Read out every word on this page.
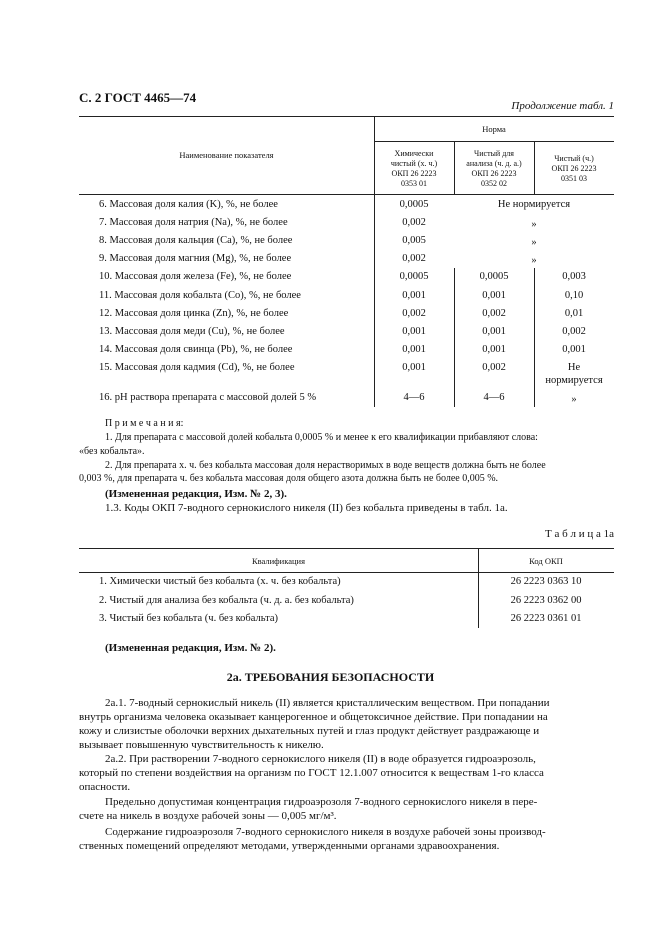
С. 2 ГОСТ 4465—74
Продолжение табл. 1
Наименование показателя
Норма
Химически
чистый (х. ч.)
ОКП 26 2223
0353 01
Чистый для
анализа (ч. д. а.)
ОКП 26 2223
0352 02
Чистый (ч.)
ОКП 26 2223
0351 03
6. Массовая доля калия (K), %, не более	0,0005	Не нормируется
7. Массовая доля натрия (Na), %, не более	0,002	»
8. Массовая доля кальция (Ca), %, не более	0,005	»
9. Массовая доля магния (Mg), %, не более	0,002	»
10. Массовая доля железа (Fe), %, не более	0,0005	0,0005	0,003
11. Массовая доля кобальта (Co), %, не более	0,001	0,001	0,10
12. Массовая доля цинка (Zn), %, не более	0,002	0,002	0,01
13. Массовая доля меди (Cu), %, не более	0,001	0,001	0,002
14. Массовая доля свинца (Pb), %, не более	0,001	0,001	0,001
15. Массовая доля кадмия (Cd), %, не более	0,001	0,002	Не
нормируется
16. pH раствора препарата с массовой долей 5 %	4—6	4—6	»
П р и м е ч а н и я:
1. Для препарата с массовой долей кобальта 0,0005 % и менее к его квалификации прибавляют слова:
«без кобальта».
2. Для препарата х. ч. без кобальта массовая доля нерастворимых в воде веществ должна быть не более
0,003 %, для препарата ч. без кобальта массовая доля общего азота должна быть не более 0,005 %.
(Измененная редакция, Изм. № 2, 3).
1.3. Коды ОКП 7-водного сернокислого никеля (II) без кобальта приведены в табл. 1а.
Т а б л и ц а 1а
Квалификация	Код ОКП
1. Химически чистый без кобальта (х. ч. без кобальта)	26 2223 0363 10
2. Чистый для анализа без кобальта (ч. д. а. без кобальта)	26 2223 0362 00
3. Чистый без кобальта (ч. без кобальта)	26 2223 0361 01
(Измененная редакция, Изм. № 2).
2а. ТРЕБОВАНИЯ БЕЗОПАСНОСТИ
2а.1. 7-водный сернокислый никель (II) является кристаллическим веществом. При попадании
внутрь организма человека оказывает канцерогенное и общетоксичное действие. При попадании на
кожу и слизистые оболочки верхних дыхательных путей и глаз продукт действует раздражающе и
вызывает повышенную чувствительность к никелю.
2а.2. При растворении 7-водного сернокислого никеля (II) в воде образуется гидроаэрозоль,
который по степени воздействия на организм по ГОСТ 12.1.007 относится к веществам 1-го класса
опасности.
Предельно допустимая концентрация гидроаэрозоля 7-водного сернокислого никеля в пере-
счете на никель в воздухе рабочей зоны — 0,005 мг/м³.
Содержание гидроаэрозоля 7-водного сернокислого никеля в воздухе рабочей зоны производ-
ственных помещений определяют методами, утвержденными органами здравоохранения.
